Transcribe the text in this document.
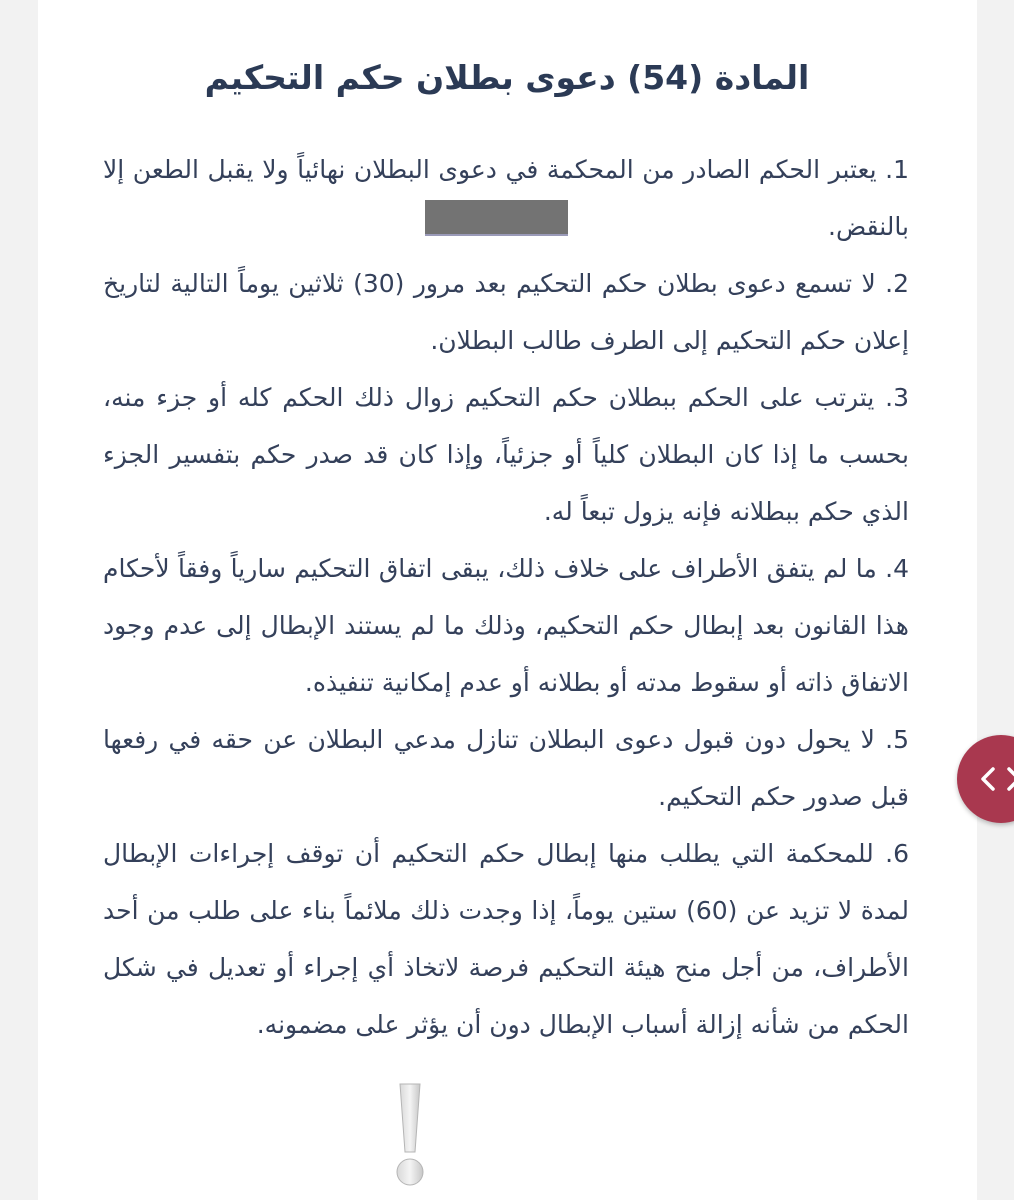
المادة (54) دعوى بطلان حكم التحكيم

1. يعتبر الحكم الصادر من المحكمة في دعوى البطلان نهائياً ولا يقبل الطعن إلا بالنقض.

2. لا تسمع دعوى بطلان حكم التحكيم بعد مرور (30) ثلاثين يوماً التالية لتاريخ إعلان حكم التحكيم إلى الطرف طالب البطلان.

3. يترتب على الحكم ببطلان حكم التحكيم زوال ذلك الحكم كله أو جزء منه، بحسب ما إذا كان البطلان كلياً أو جزئياً، وإذا كان قد صدر حكم بتفسير الجزء الذي حكم ببطلانه فإنه يزول تبعاً له.

4. ما لم يتفق الأطراف على خلاف ذلك، يبقى اتفاق التحكيم سارياً وفقاً لأحكام هذا القانون بعد إبطال حكم التحكيم، وذلك ما لم يستند الإبطال إلى عدم وجود الاتفاق ذاته أو سقوط مدته أو بطلانه أو عدم إمكانية تنفيذه.

5. لا يحول دون قبول دعوى البطلان تنازل مدعي البطلان عن حقه في رفعها قبل صدور حكم التحكيم.

6. للمحكمة التي يطلب منها إبطال حكم التحكيم أن توقف إجراءات الإبطال لمدة لا تزيد عن (60) ستين يوماً، إذا وجدت ذلك ملائماً بناء على طلب من أحد الأطراف، من أجل منح هيئة التحكيم فرصة لاتخاذ أي إجراء أو تعديل في شكل الحكم من شأنه إزالة أسباب الإبطال دون أن يؤثر على مضمونه.
